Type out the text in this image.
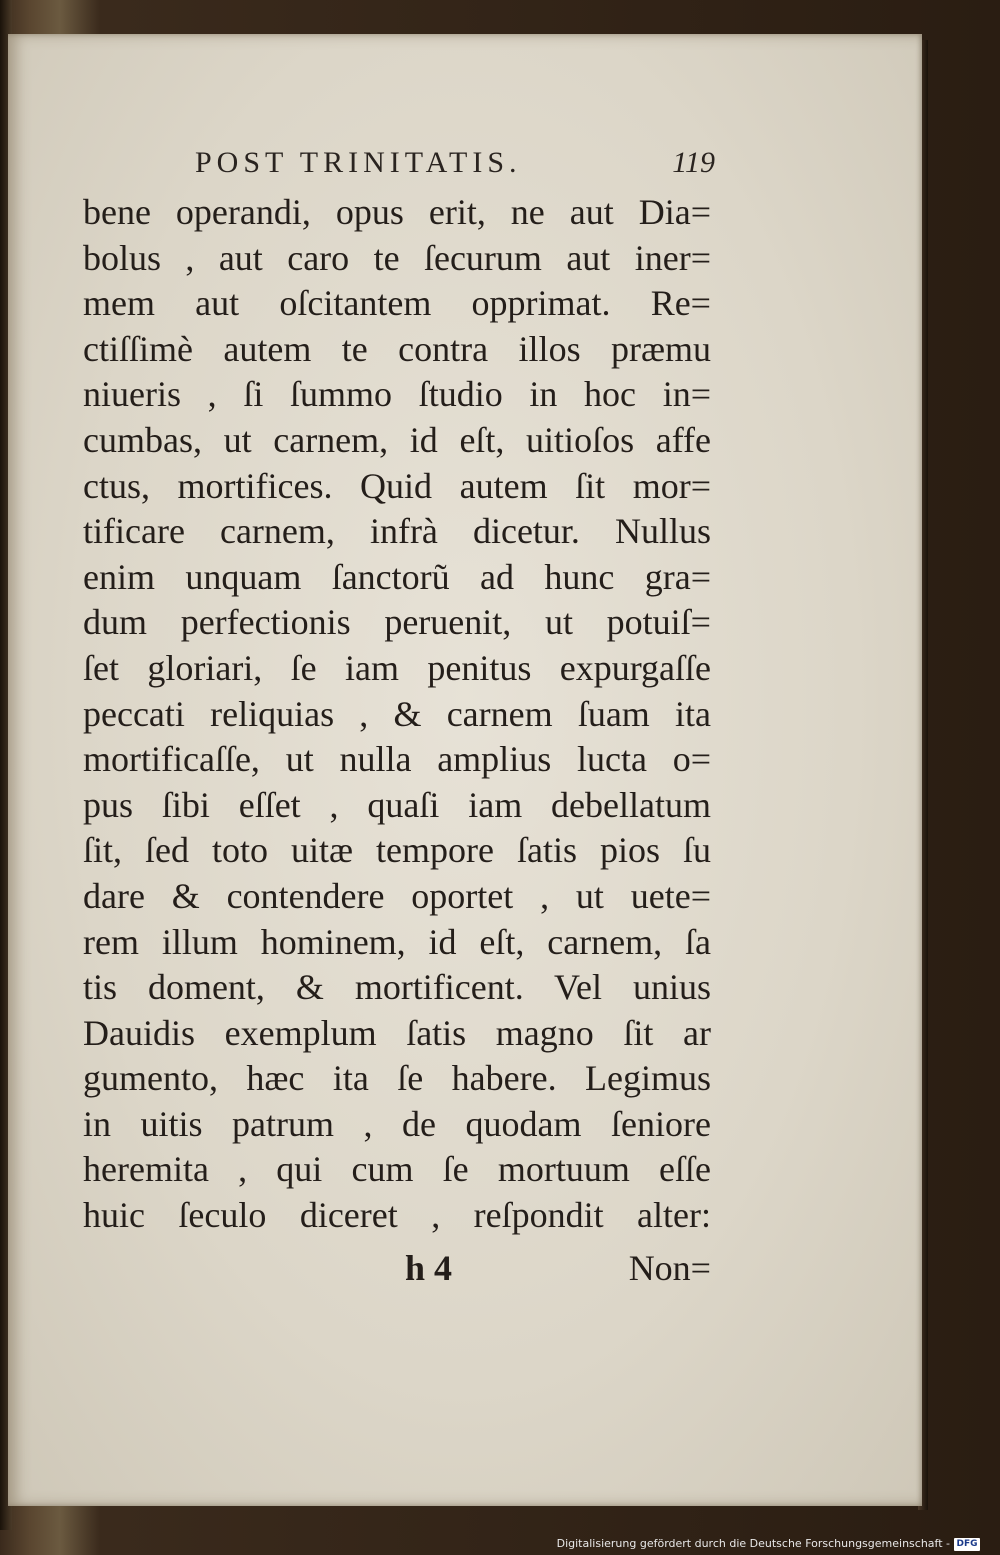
POST TRINITATIS.	119
bene operandi, opus erit, ne aut Dia=
bolus , aut caro te ſecurum aut iner=
mem aut oſcitantem opprimat. Re=
ctiſſimè autem te contra illos præmu
niueris , ſi ſummo ſtudio in hoc in=
cumbas, ut carnem, id eſt, uitioſos affe
ctus, mortifices. Quid autem ſit mor=
tificare carnem, infrà dicetur. Nullus
enim unquam ſanctorũ ad hunc gra=
dum perfectionis peruenit, ut potuiſ=
ſet gloriari, ſe iam penitus expurgaſſe
peccati reliquias , & carnem ſuam ita
mortificaſſe, ut nulla amplius lucta o=
pus ſibi eſſet , quaſi iam debellatum
ſit, ſed toto uitæ tempore ſatis pios ſu
dare & contendere oportet , ut uete=
rem illum hominem, id eſt, carnem, ſa
tis doment, & mortificent. Vel unius
Dauidis exemplum ſatis magno ſit ar
gumento, hæc ita ſe habere. Legimus
in uitis patrum , de quodam ſeniore
heremita , qui cum ſe mortuum eſſe
huic ſeculo diceret , reſpondit alter:
h 4	Non=
Digitalisierung gefördert durch die Deutsche Forschungsgemeinschaft - DFG
